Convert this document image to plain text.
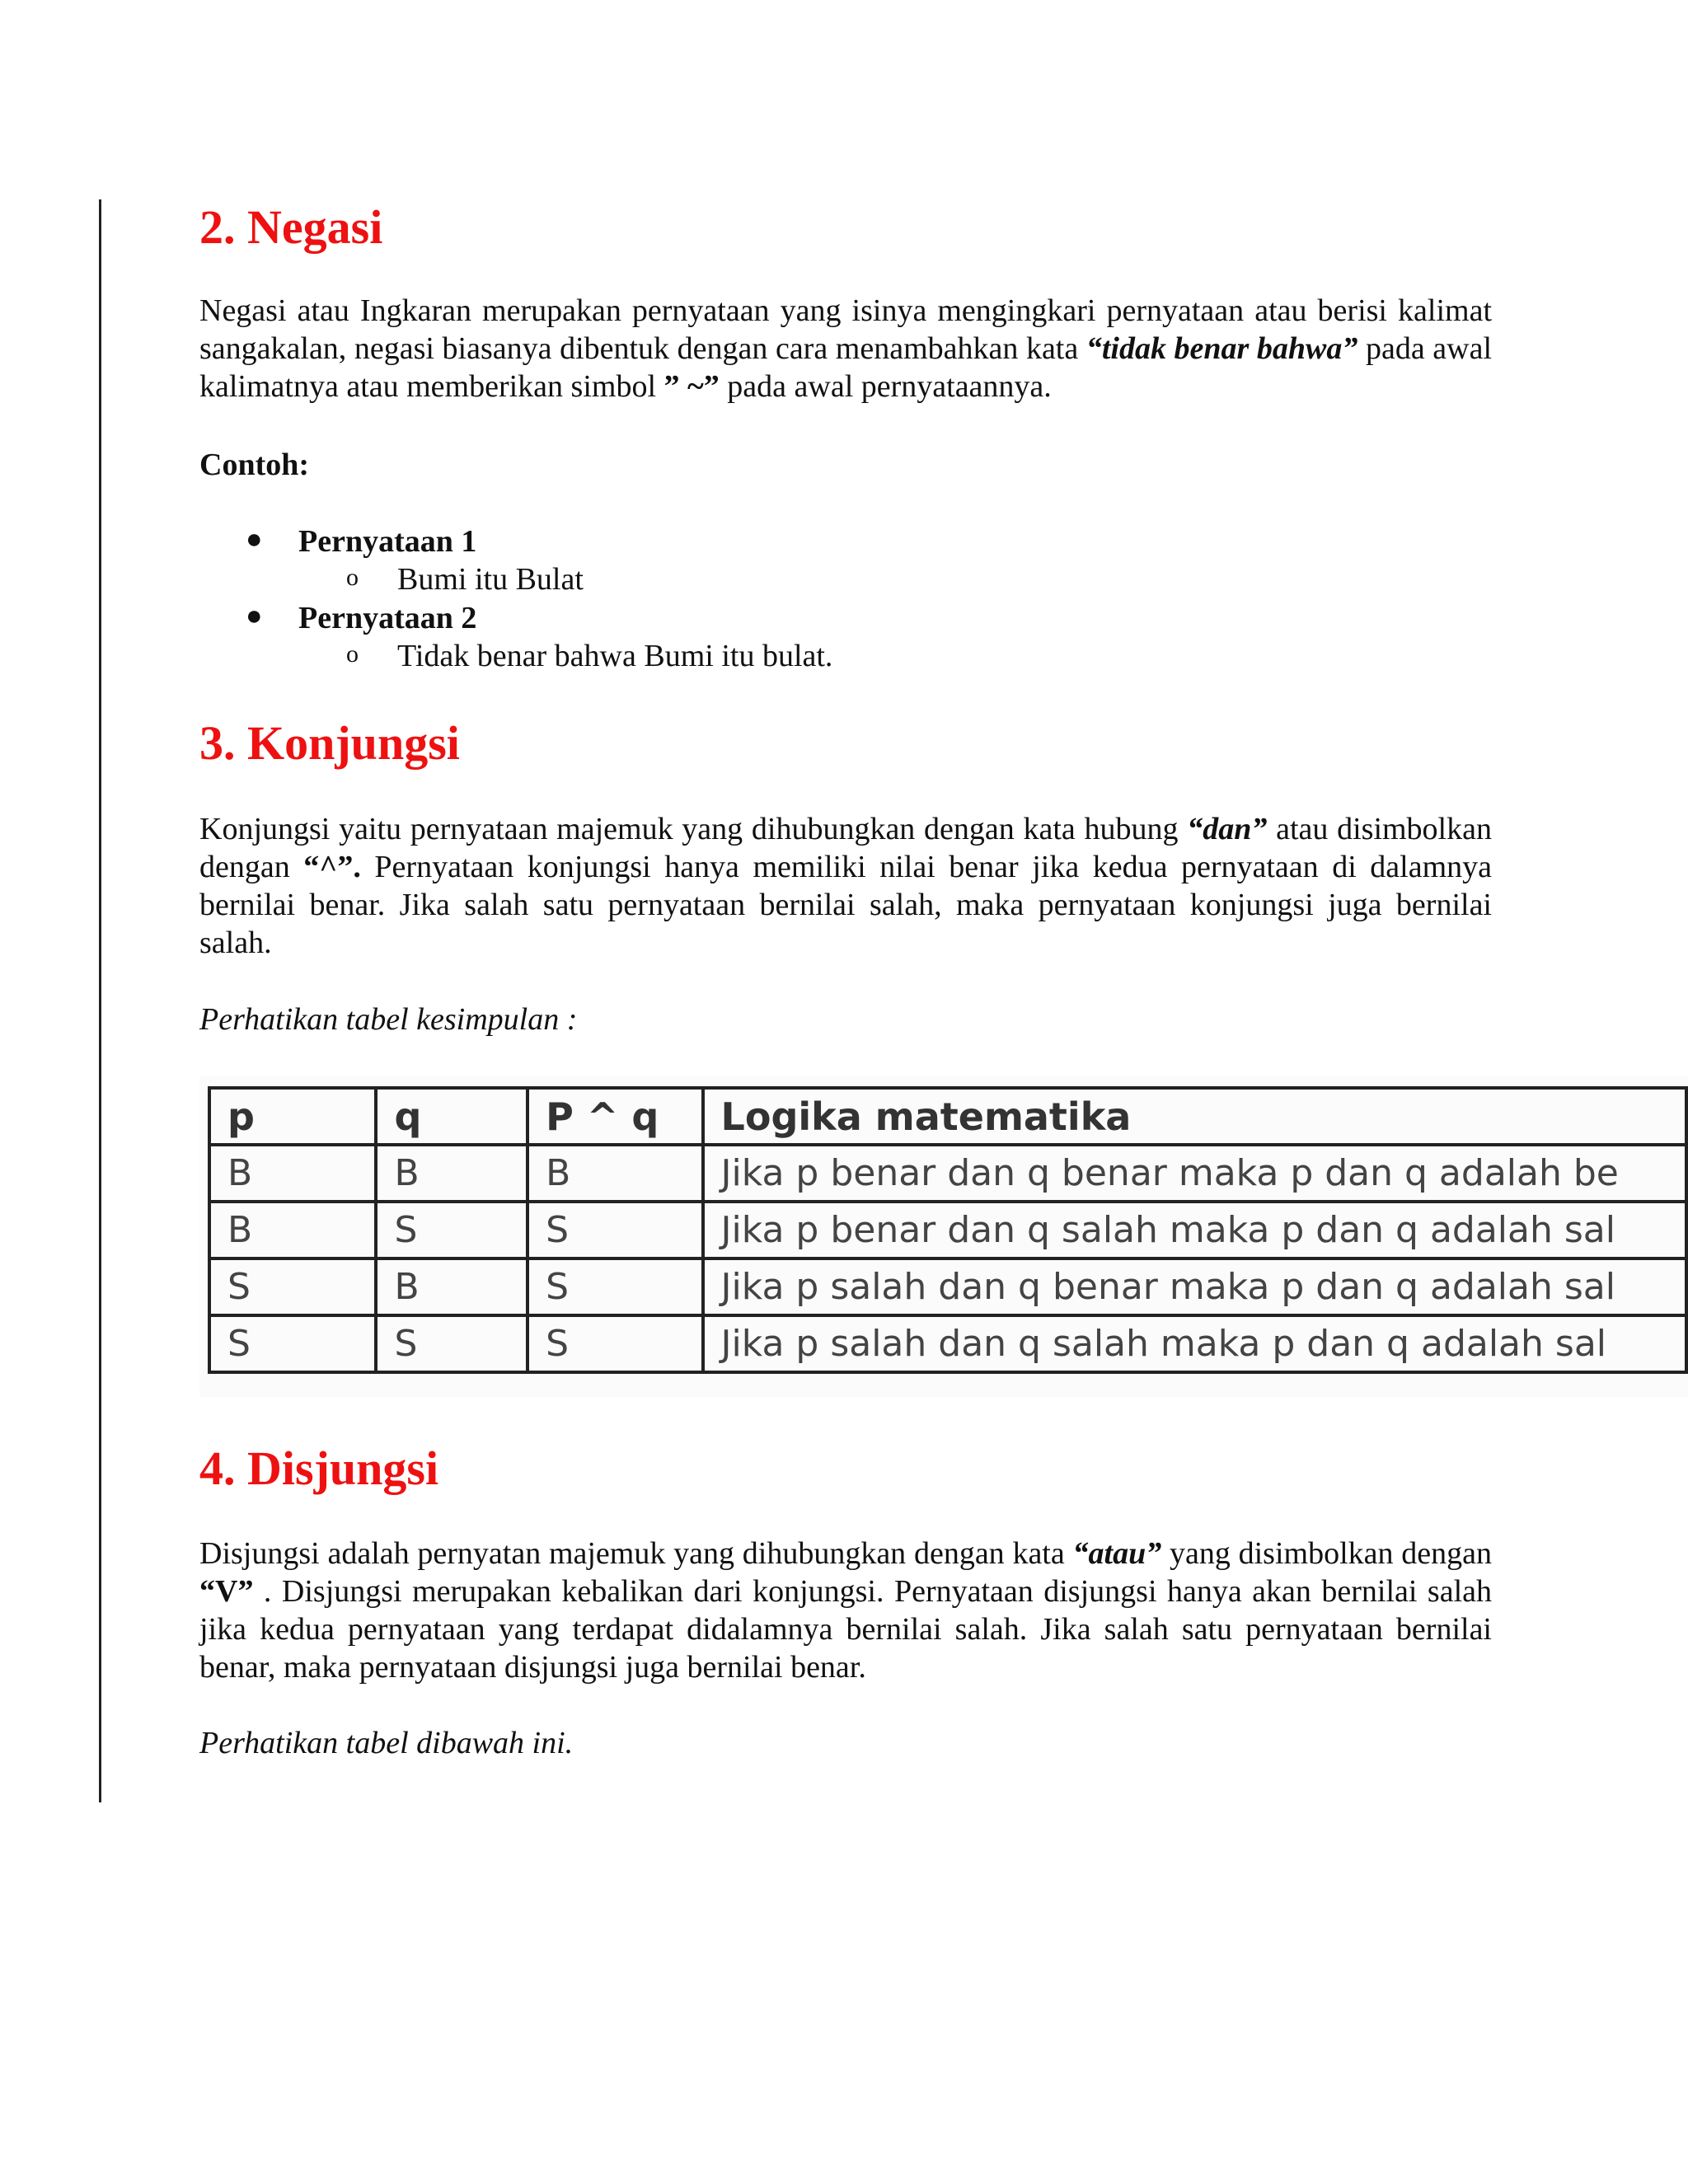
2. Negasi

Negasi atau Ingkaran merupakan pernyataan yang isinya mengingkari pernyataan atau berisi kalimat sangakalan, negasi biasanya dibentuk dengan cara menambahkan kata “tidak benar bahwa” pada awal kalimatnya atau memberikan simbol ” ~” pada awal pernyataannya.

Contoh:

● Pernyataan 1
o Bumi itu Bulat
● Pernyataan 2
o Tidak benar bahwa Bumi itu bulat.
3. Konjungsi

Konjungsi yaitu pernyataan majemuk yang dihubungkan dengan kata hubung “dan” atau disimbolkan dengan “^”. Pernyataan konjungsi hanya memiliki nilai benar jika kedua pernyataan di dalamnya bernilai benar. Jika salah satu pernyataan bernilai salah, maka pernyataan konjungsi juga bernilai salah.

Perhatikan tabel kesimpulan :

4. Disjungsi

Disjungsi adalah pernyatan majemuk yang dihubungkan dengan kata “atau” yang disimbolkan dengan “V” . Disjungsi merupakan kebalikan dari konjungsi. Pernyataan disjungsi hanya akan bernilai salah jika kedua pernyataan yang terdapat didalamnya bernilai salah. Jika salah satu pernyataan bernilai benar, maka pernyataan disjungsi juga bernilai benar.

Perhatikan tabel dibawah ini.

p	q	P ^ q	Logika matematika
B	B	B	Jika p benar dan q benar maka p dan q adalah be
B	S	S	Jika p benar dan q salah maka p dan q adalah sal
S	B	S	Jika p salah dan q benar maka p dan q adalah sal
S	S	S	Jika p salah dan q salah maka p dan q adalah sal
